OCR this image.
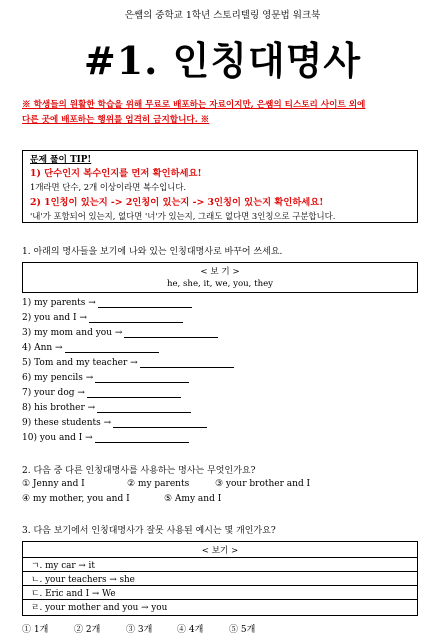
은쌤의 중학교 1학년 스토리텔링 영문법 워크북
#1. 인칭대명사
※ 학생들의 원활한 학습을 위해 무료로 배포하는 자료이지만, 은쌤의 티스토리 사이트 외에
다른 곳에 배포하는 행위를 엄격히 금지합니다. ※
문제 풀이 TIP!
1) 단수인지 복수인지를 먼저 확인하세요!
1개라면 단수, 2개 이상이라면 복수입니다.
2) 1인칭이 있는지 -> 2인칭이 있는지 -> 3인칭이 있는지 확인하세요!
'내'가 포함되어 있는지, 없다면 '너'가 있는지, 그래도 없다면 3인칭으로 구분합니다.
1. 아래의 명사들을 보기에 나와 있는 인칭대명사로 바꾸어 쓰세요.
< 보 기 >
he, she, it, we, you, they
1) my parents →
2) you and I →
3) my mom and you →
4) Ann →
5) Tom and my teacher →
6) my pencils →
7) your dog →
8) his brother →
9) these students →
10) you and I →
2. 다음 중 다른 인칭대명사를 사용하는 명사는 무엇인가요?
① Jenny and I	② my parents	③ your brother and I
④ my mother, you and I	⑤ Amy and I
3. 다음 보기에서 인칭대명사가 잘못 사용된 예시는 몇 개인가요?
< 보기 >
ㄱ. my car → it
ㄴ. your teachers → she
ㄷ. Eric and I → We
ㄹ. your mother and you → you
① 1개	② 2개	③ 3개	④ 4개	⑤ 5개
